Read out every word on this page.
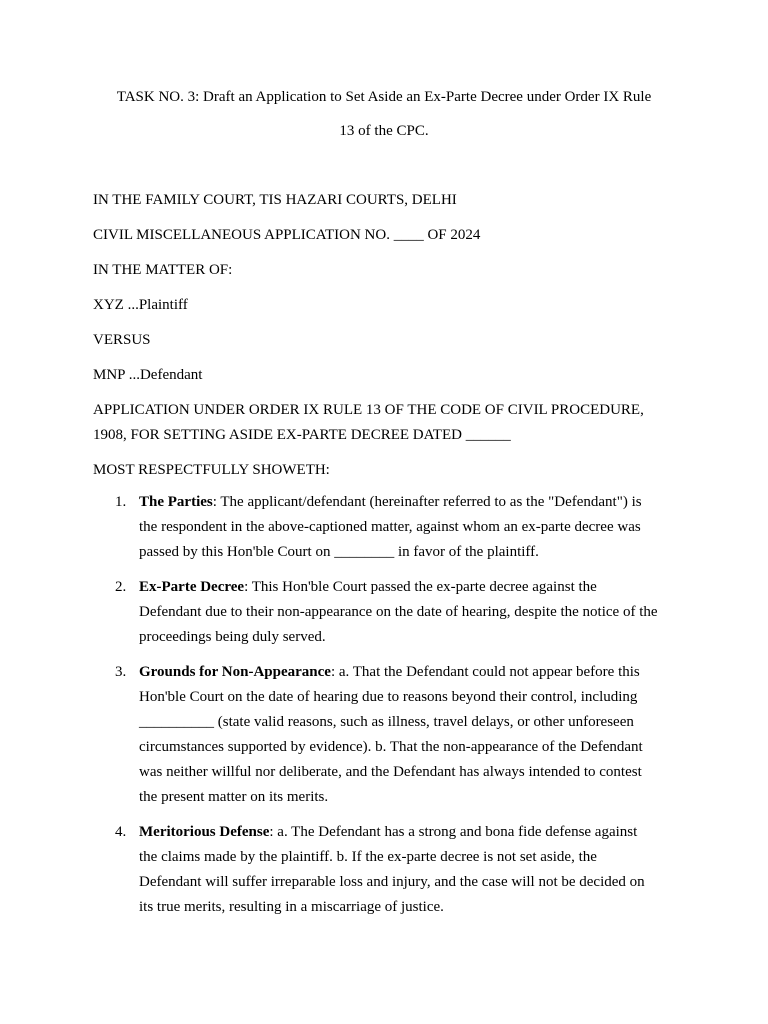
TASK NO. 3: Draft an Application to Set Aside an Ex-Parte Decree under Order IX Rule
13 of the CPC.

IN THE FAMILY COURT, TIS HAZARI COURTS, DELHI
CIVIL MISCELLANEOUS APPLICATION NO. ____ OF 2024
IN THE MATTER OF:
XYZ ...Plaintiff
VERSUS
MNP ...Defendant
APPLICATION UNDER ORDER IX RULE 13 OF THE CODE OF CIVIL PROCEDURE,
1908, FOR SETTING ASIDE EX-PARTE DECREE DATED ______
MOST RESPECTFULLY SHOWETH:
1. The Parties: The applicant/defendant (hereinafter referred to as the "Defendant") is
the respondent in the above-captioned matter, against whom an ex-parte decree was
passed by this Hon'ble Court on ________ in favor of the plaintiff.
2. Ex-Parte Decree: This Hon'ble Court passed the ex-parte decree against the
Defendant due to their non-appearance on the date of hearing, despite the notice of the
proceedings being duly served.
3. Grounds for Non-Appearance: a. That the Defendant could not appear before this
Hon'ble Court on the date of hearing due to reasons beyond their control, including
__________ (state valid reasons, such as illness, travel delays, or other unforeseen
circumstances supported by evidence). b. That the non-appearance of the Defendant
was neither willful nor deliberate, and the Defendant has always intended to contest
the present matter on its merits.
4. Meritorious Defense: a. The Defendant has a strong and bona fide defense against
the claims made by the plaintiff. b. If the ex-parte decree is not set aside, the
Defendant will suffer irreparable loss and injury, and the case will not be decided on
its true merits, resulting in a miscarriage of justice.
